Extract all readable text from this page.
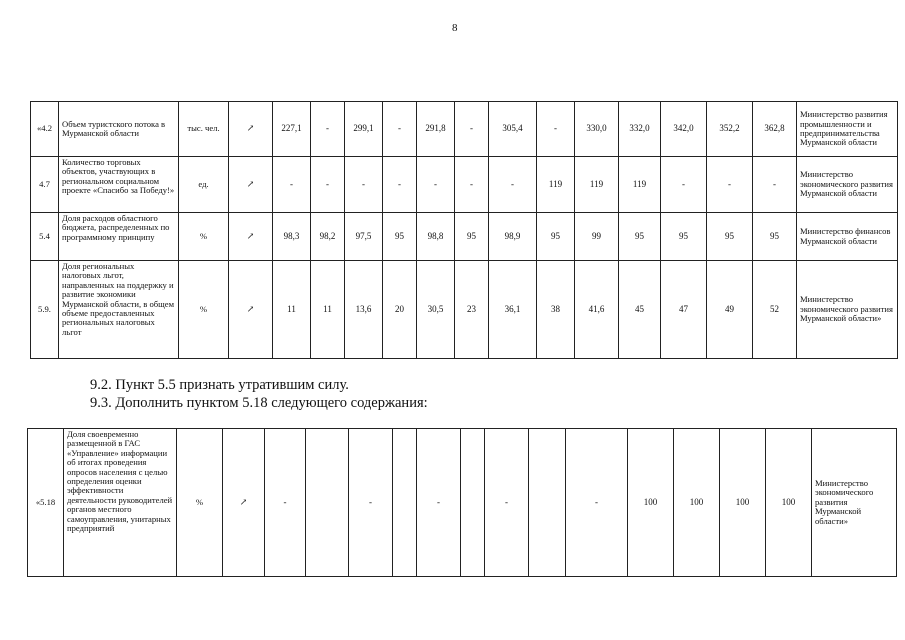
8
«4.2	Объем туристского потока в Мурманской области	тыс. чел.	↗	227,1	-	299,1	-	291,8	-	305,4	-	330,0	332,0	342,0	352,2	362,8	Министерство развития промышленности и предпринимательства Мурманской области
4.7	Количество торговых объектов, участвующих в региональном социальном проекте «Спасибо за Победу!»	ед.	↗	-	-	-	-	-	-	-	119	119	119	-	-	-	Министерство экономического развития Мурманской области
5.4	Доля расходов областного бюджета, распределенных по программному принципу	%	↗	98,3	98,2	97,5	95	98,8	95	98,9	95	99	95	95	95	95	Министерство финансов Мурманской области
5.9.	Доля региональных налоговых льгот, направленных на поддержку и развитие экономики Мурманской области, в общем объеме предоставленных региональных налоговых льгот	%	↗	11	11	13,6	20	30,5	23	36,1	38	41,6	45	47	49	52	Министерство экономического развития Мурманской области»
9.2. Пункт 5.5 признать утратившим силу.
9.3. Дополнить пунктом 5.18 следующего содержания:
«5.18	Доля своевременно размещенной в ГАС «Управление» информации об итогах проведения опросов населения с целью определения оценки эффективности деятельности руководителей органов местного самоуправления, унитарных предприятий	%	↗	-		-		-		-		-	100	100	100	100	Министерство экономического развития Мурманской области»
